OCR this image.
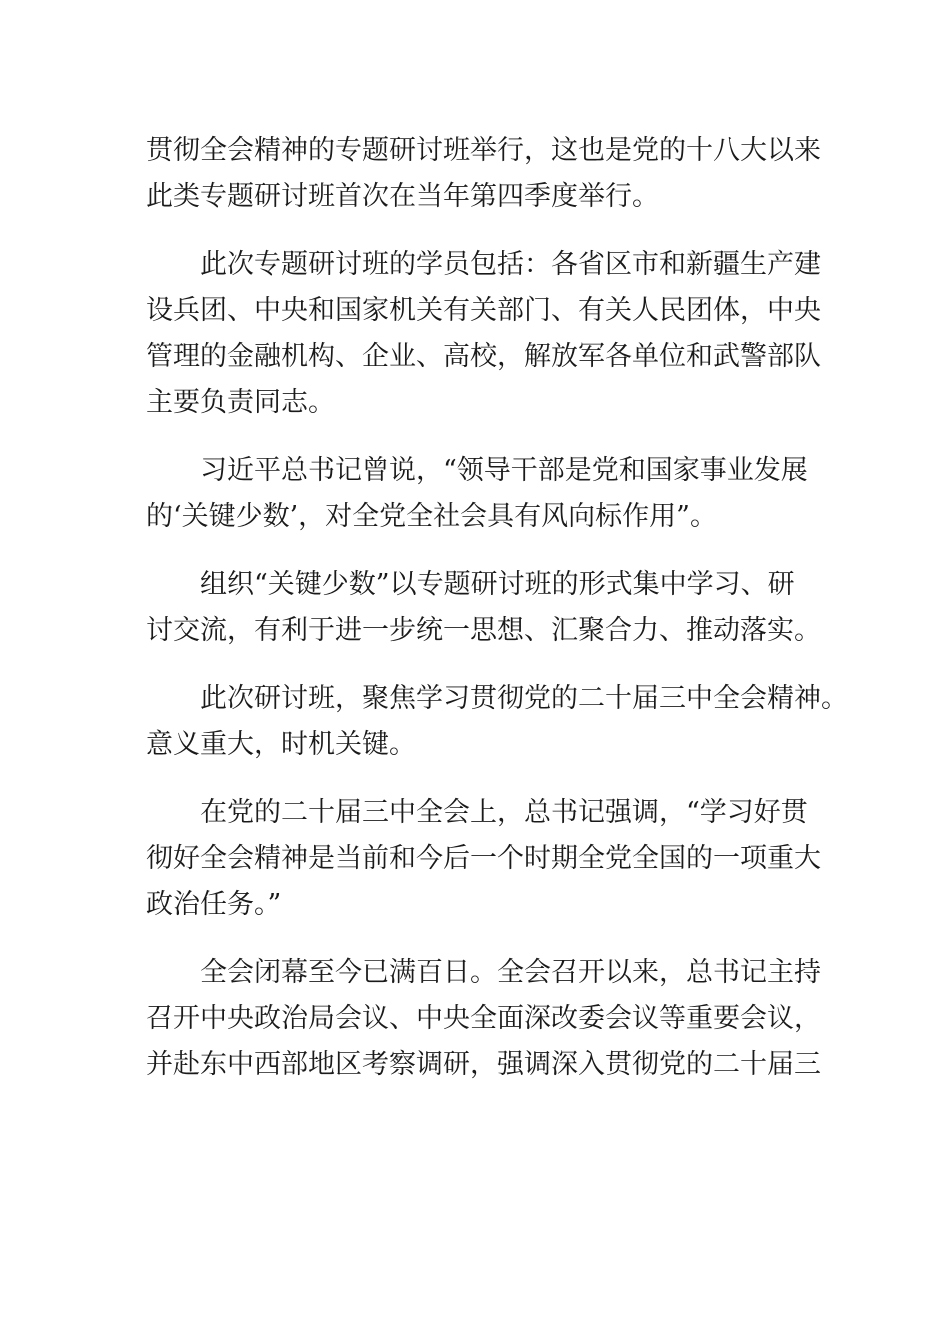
贯彻全会精神的专题研讨班举行，这也是党的十八大以来
此类专题研讨班首次在当年第四季度举行。

此次专题研讨班的学员包括：各省区市和新疆生产建
设兵团、中央和国家机关有关部门、有关人民团体，中央
管理的金融机构、企业、高校，解放军各单位和武警部队
主要负责同志。

习近平总书记曾说，“领导干部是党和国家事业发展
的‘关键少数’，对全党全社会具有风向标作用”。

组织“关键少数”以专题研讨班的形式集中学习、研
讨交流，有利于进一步统一思想、汇聚合力、推动落实。

此次研讨班，聚焦学习贯彻党的二十届三中全会精神。
意义重大，时机关键。

在党的二十届三中全会上，总书记强调，“学习好贯
彻好全会精神是当前和今后一个时期全党全国的一项重大
政治任务。”

全会闭幕至今已满百日。全会召开以来，总书记主持
召开中央政治局会议、中央全面深改委会议等重要会议，
并赴东中西部地区考察调研，强调深入贯彻党的二十届三
